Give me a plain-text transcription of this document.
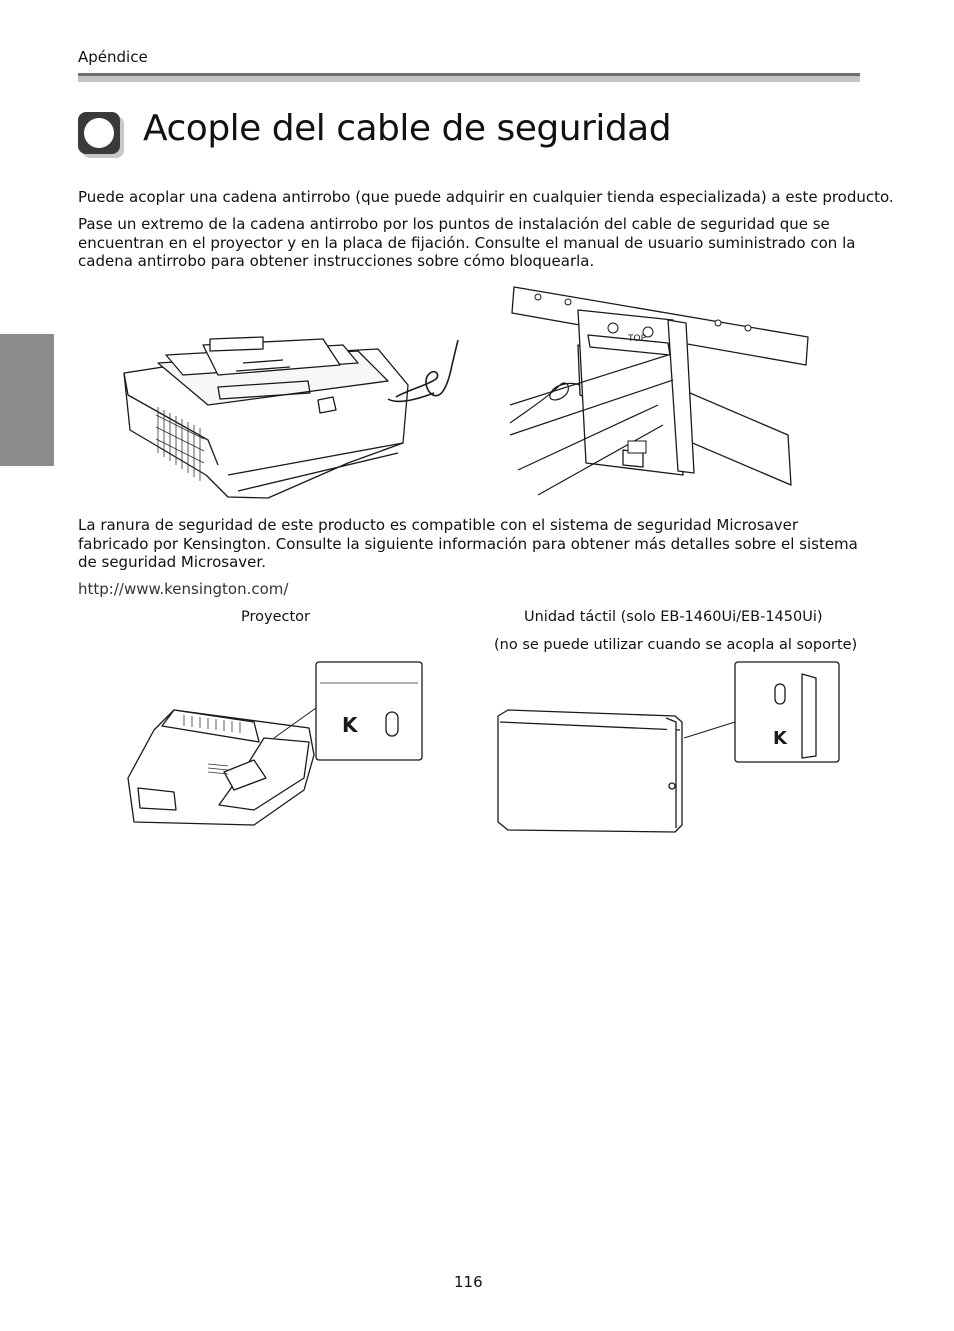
Apéndice
Acople del cable de seguridad

Puede acoplar una cadena antirrobo (que puede adquirir en cualquier tienda especializada) a este producto.

Pase un extremo de la cadena antirrobo por los puntos de instalación del cable de seguridad que se encuentran en el proyector y en la placa de fijación. Consulte el manual de usuario suministrado con la cadena antirrobo para obtener instrucciones sobre cómo bloquearla.

TOP

La ranura de seguridad de este producto es compatible con el sistema de seguridad Microsaver fabricado por Kensington. Consulte la siguiente información para obtener más detalles sobre el sistema de seguridad Microsaver.

http://www.kensington.com/
Proyector	Unidad táctil (solo EB-1460Ui/EB-1450Ui)
(no se puede utilizar cuando se acopla al soporte)
K
K
116
